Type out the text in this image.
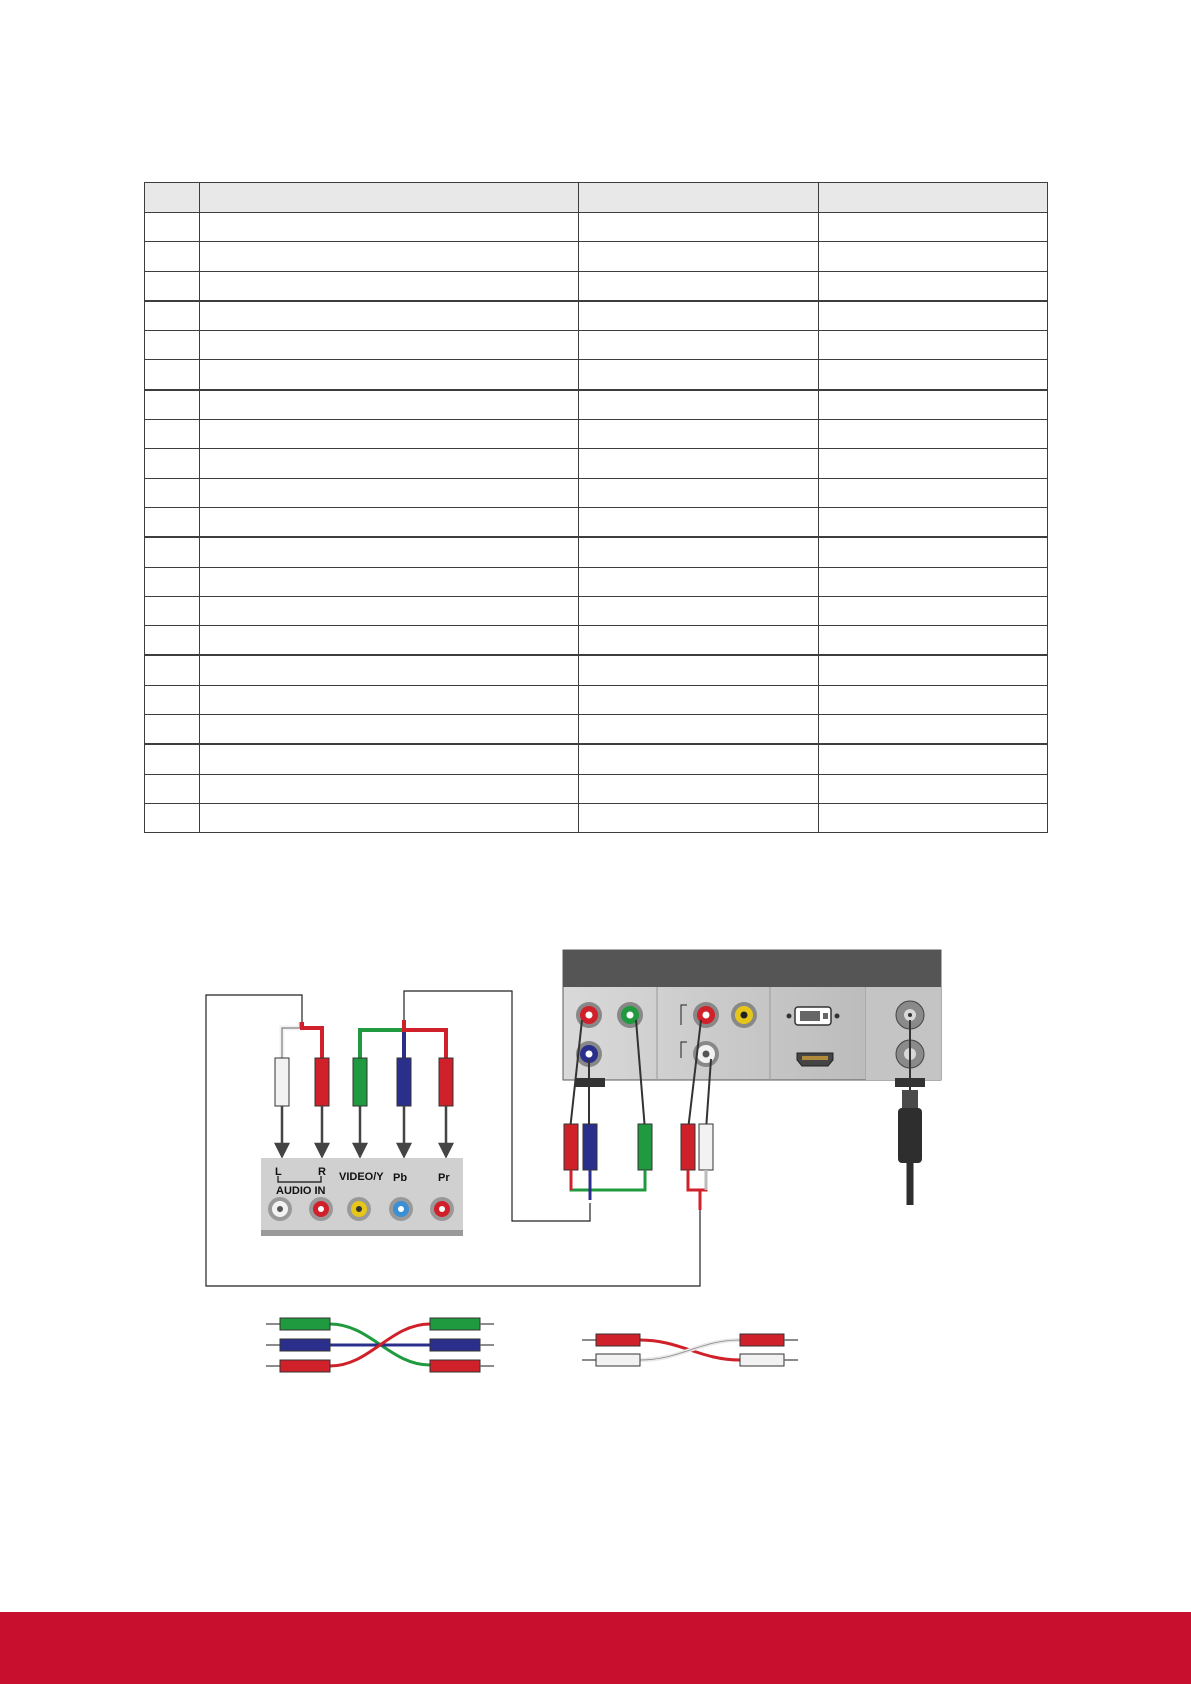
L	R
AUDIO IN
VIDEO/Y Pb	Pr
